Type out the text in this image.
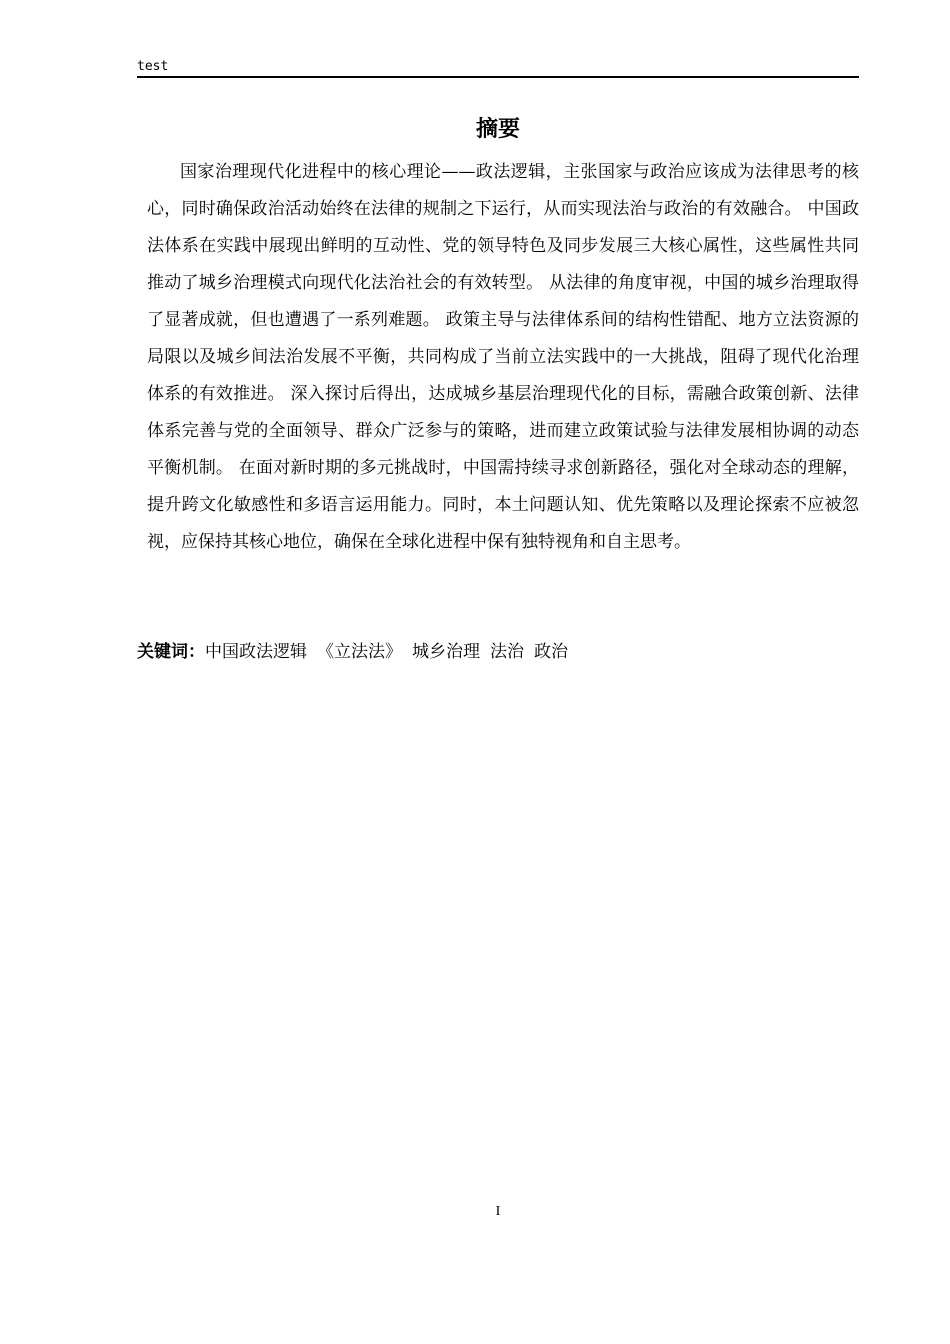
test
摘要

国家治理现代化进程中的核心理论——政法逻辑，主张国家与政治应该成为法律思考的核心，同时确保政治活动始终在法律的规制之下运行，从而实现法治与政治的有效融合。 中国政法体系在实践中展现出鲜明的互动性、党的领导特色及同步发展三大核心属性，这些属性共同推动了城乡治理模式向现代化法治社会的有效转型。 从法律的角度审视，中国的城乡治理取得了显著成就，但也遭遇了一系列难题。 政策主导与法律体系间的结构性错配、地方立法资源的局限以及城乡间法治发展不平衡，共同构成了当前立法实践中的一大挑战，阻碍了现代化治理体系的有效推进。 深入探讨后得出，达成城乡基层治理现代化的目标，需融合政策创新、法律体系完善与党的全面领导、群众广泛参与的策略，进而建立政策试验与法律发展相协调的动态平衡机制。 在面对新时期的多元挑战时，中国需持续寻求创新路径，强化对全球动态的理解，提升跨文化敏感性和多语言运用能力。同时，本土问题认知、优先策略以及理论探索不应被忽视，应保持其核心地位，确保在全球化进程中保有独特视角和自主思考。

关键词：中国政法逻辑 《立法法》 城乡治理 法治 政治
I
